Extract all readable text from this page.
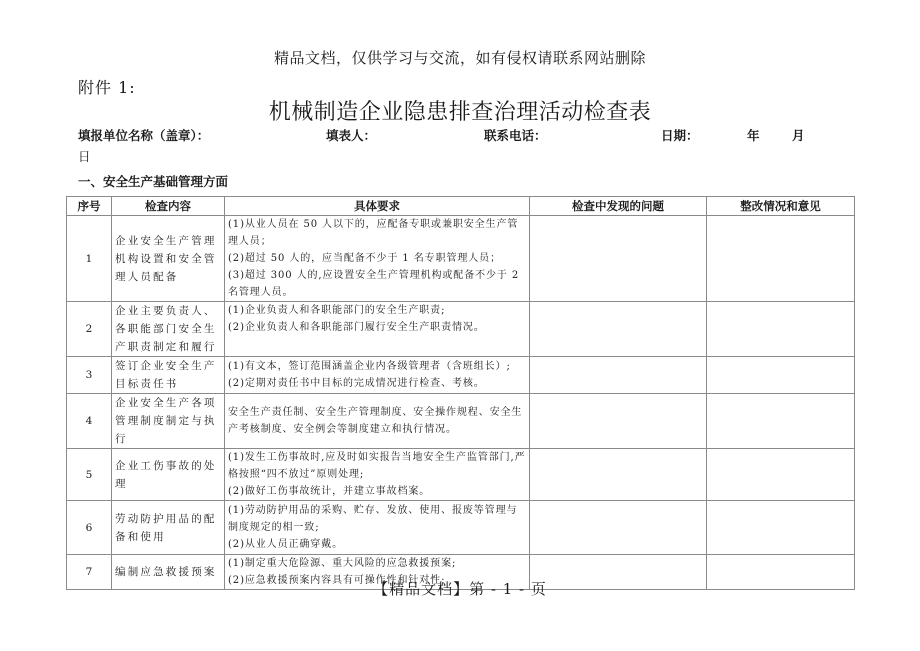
精品文档，仅供学习与交流，如有侵权请联系网站删除
附件 1:
机械制造企业隐患排查治理活动检查表
填报单位名称（盖章）：	填表人：	联系电话：	日期：	年	月
日
一、安全生产基础管理方面
序号	检查内容	具体要求	检查中发现的问题	整改情况和意见
1	企业安全生产管理机构设置和安全管理人员配备	(1)从业人员在 50 人以下的，应配备专职或兼职安全生产管理人员；
(2)超过 50 人的，应当配备不少于 1 名专职管理人员；
(3)超过 300 人的,应设置安全生产管理机构或配备不少于 2 名管理人员。		

2	企业主要负责人、各职能部门安全生产职责制定和履行	(1)企业负责人和各职能部门的安全生产职责;
(2)企业负责人和各职能部门履行安全生产职责情况。		

3	签订企业安全生产目标责任书	(1)有文本，签订范围涵盖企业内各级管理者（含班组长）;
(2)定期对责任书中目标的完成情况进行检查、考核。		

4	企业安全生产各项管理制度制定与执行	安全生产责任制、安全生产管理制度、安全操作规程、安全生产考核制度、安全例会等制度建立和执行情况。		

5	企业工伤事故的处理	(1)发生工伤事故时,应及时如实报告当地安全生产监管部门,严格按照“四不放过”原则处理;
(2)做好工伤事故统计，并建立事故档案。		

6	劳动防护用品的配备和使用	(1)劳动防护用品的采购、贮存、发放、使用、报废等管理与制度规定的相一致;
(2)从业人员正确穿戴。		

7	编制应急救援预案	(1)制定重大危险源、重大风险的应急救援预案;
(2)应急救援预案内容具有可操作性和针对性;		

【精品文档】第 - 1 - 页
